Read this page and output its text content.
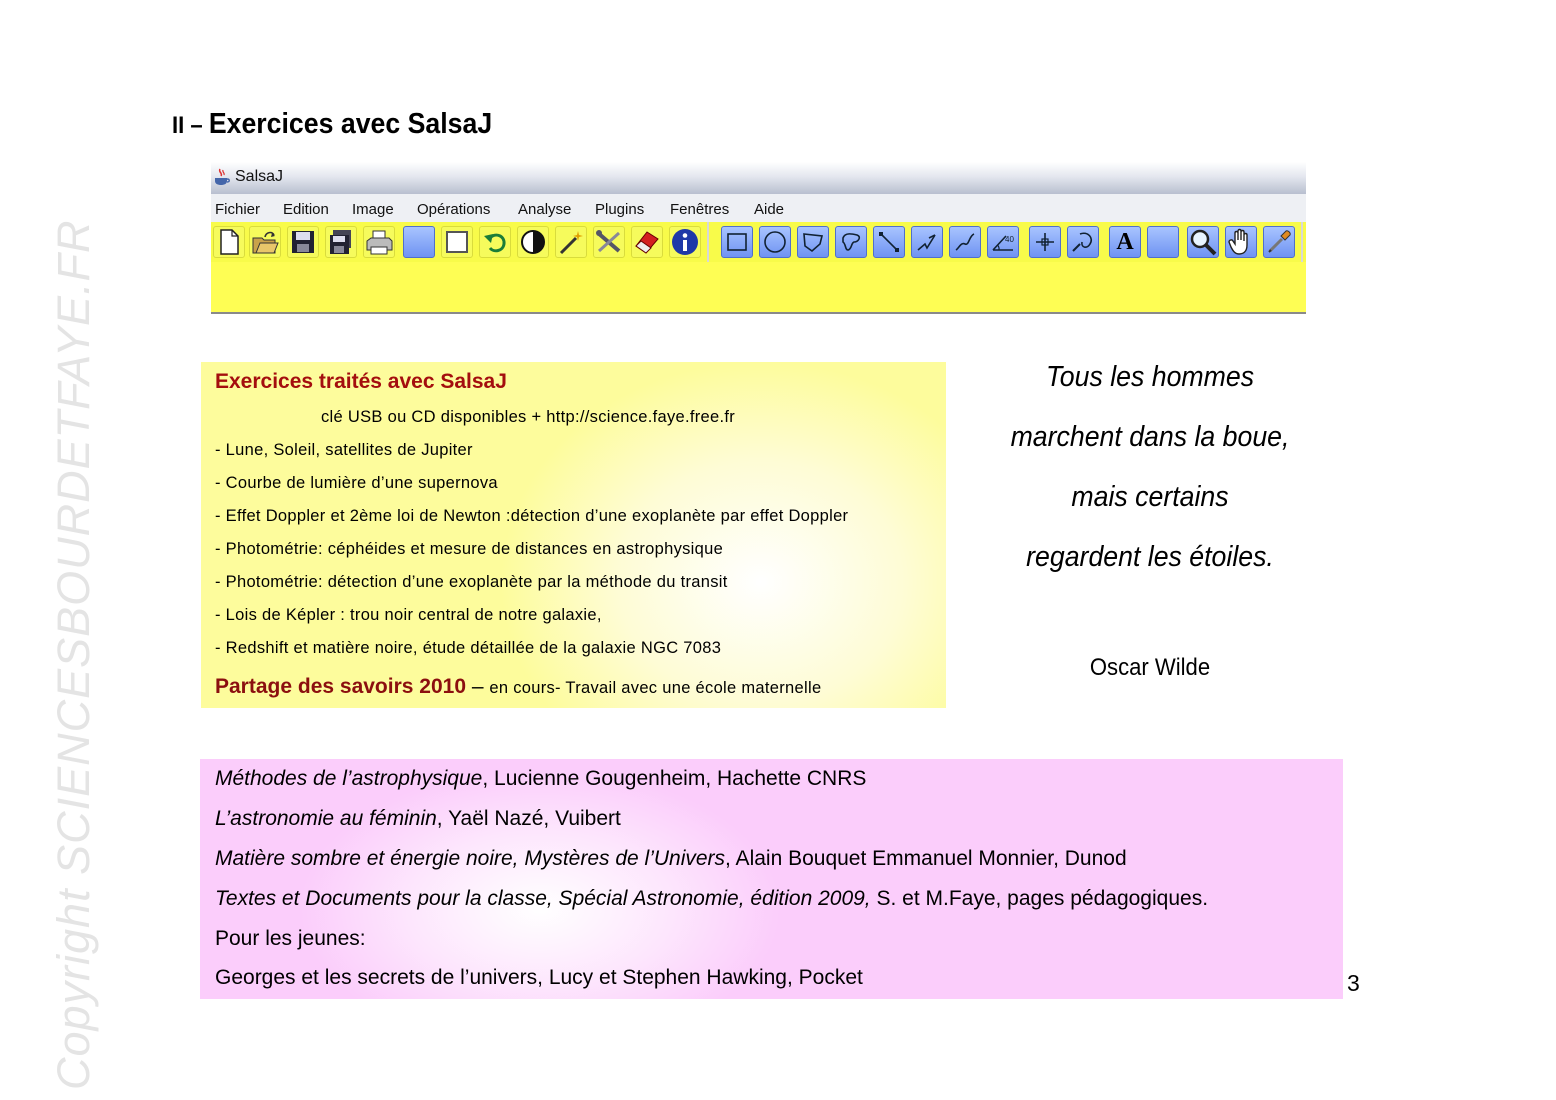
Copyright SCIENCESBOURDETFAYE.FR
II – Exercices avec SalsaJ
SalsaJ
Fichier Edition Image Opérations Analyse Plugins Fenêtres Aide
40	A
Exercices traités avec SalsaJ
clé USB ou CD disponibles + http://science.faye.free.fr
- Lune, Soleil, satellites de Jupiter
- Courbe de lumière d’une supernova
- Effet Doppler et 2ème loi de Newton :détection d’une exoplanète par effet Doppler
- Photométrie: céphéides et mesure de distances en astrophysique
- Photométrie: détection d’une exoplanète par la méthode du transit
- Lois de Képler : trou noir central de notre galaxie,
- Redshift et matière noire, étude détaillée de la galaxie NGC 7083
Partage des savoirs 2010 – en cours- Travail avec une école maternelle
Tous les hommes
marchent dans la boue,
mais certains
regardent les étoiles.
Oscar Wilde
Méthodes de l’astrophysique, Lucienne Gougenheim, Hachette CNRS
L’astronomie au féminin, Yaël Nazé, Vuibert
Matière sombre et énergie noire, Mystères de l’Univers, Alain Bouquet Emmanuel Monnier, Dunod
Textes et Documents pour la classe, Spécial Astronomie, édition 2009, S. et M.Faye, pages pédagogiques.
Pour les jeunes:
Georges et les secrets de l’univers, Lucy et Stephen Hawking, Pocket	3
